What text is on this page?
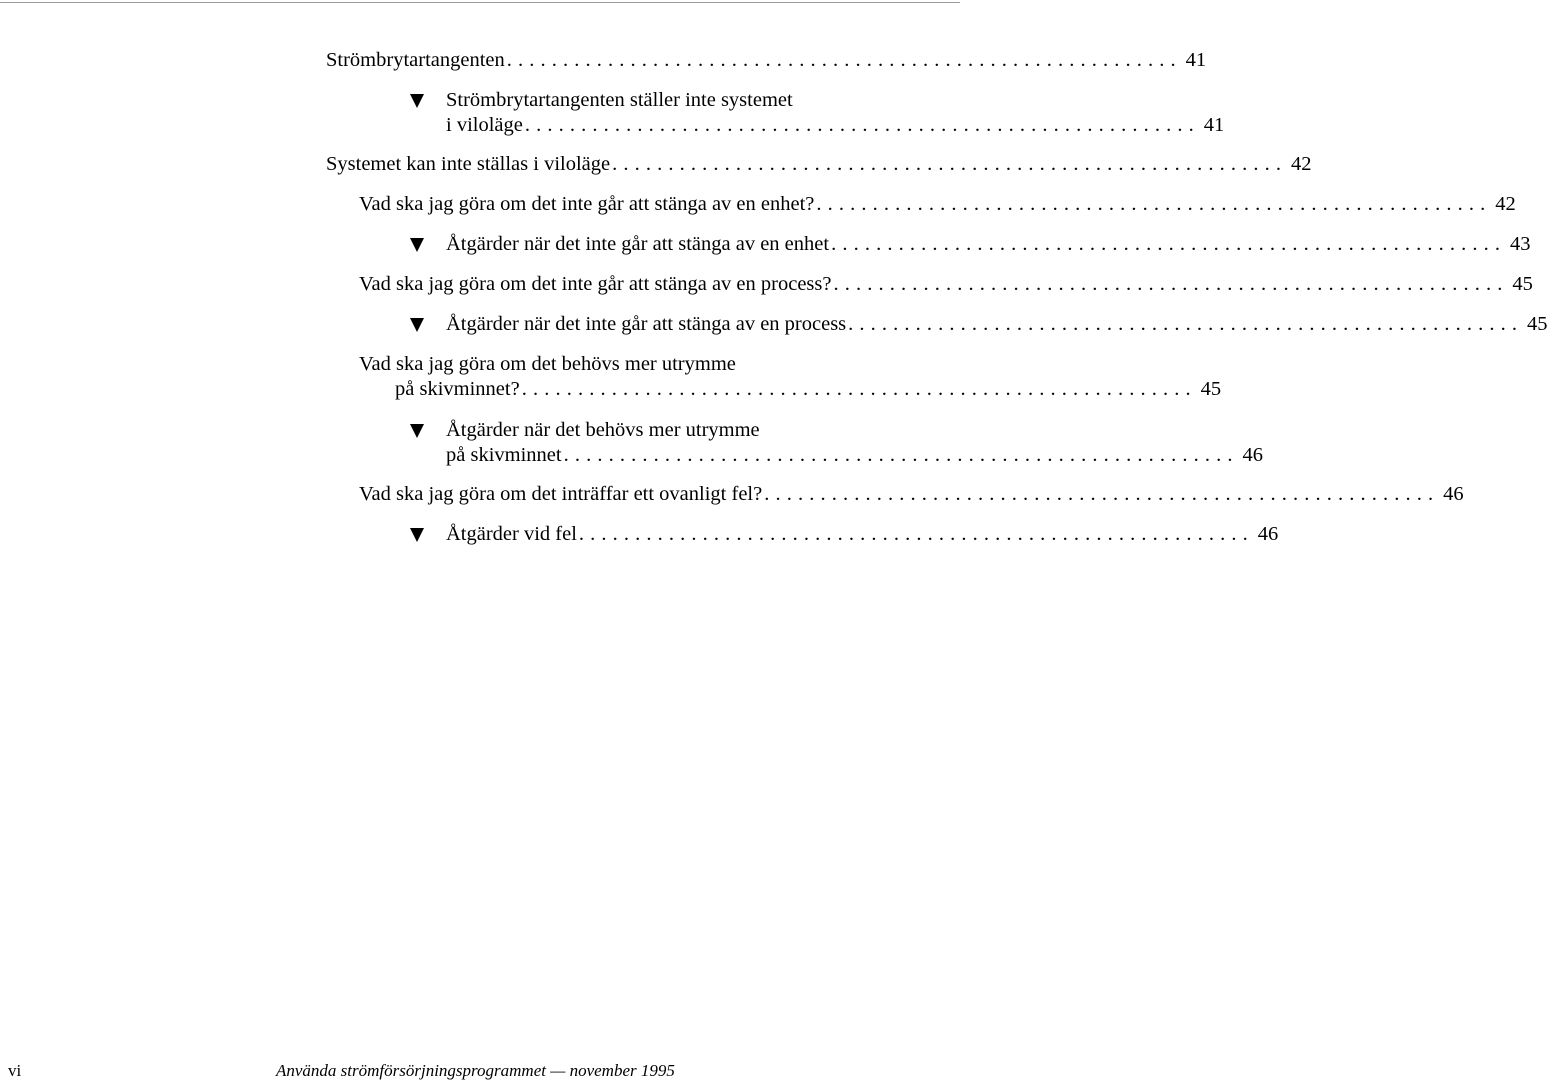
Strömbrytartangenten . . . . . . . . . . . . . . . . . . . . . . . . . . . . . . . . . . . . . . . . . . . . . . . . . . . . . . . . . . . . 41
Strömbrytartangenten ställer inte systemet
i viloläge . . . . . . . . . . . . . . . . . . . . . . . . . . . . . . . . . . . . . . . . . . . . . . . . . . . . . . . . . . . . 41
Systemet kan inte ställas i viloläge . . . . . . . . . . . . . . . . . . . . . . . . . . . . . . . . . . . . . . . . . . . . . . . . . . . . . . . . . . . . 42
Vad ska jag göra om det inte går att stänga av en enhet? . . . . . . . . . . . . . . . . . . . . . . . . . . . . . . . . . . . . . . . . . . . . . . . . . . . . . . . . . . . . 42
Åtgärder när det inte går att stänga av en enhet . . . . . . . . . . . . . . . . . . . . . . . . . . . . . . . . . . . . . . . . . . . . . . . . . . . . . . . . . . . . 43
Vad ska jag göra om det inte går att stänga av en process? . . . . . . . . . . . . . . . . . . . . . . . . . . . . . . . . . . . . . . . . . . . . . . . . . . . . . . . . . . . . 45
Åtgärder när det inte går att stänga av en process . . . . . . . . . . . . . . . . . . . . . . . . . . . . . . . . . . . . . . . . . . . . . . . . . . . . . . . . . . . . 45
Vad ska jag göra om det behövs mer utrymme
på skivminnet? . . . . . . . . . . . . . . . . . . . . . . . . . . . . . . . . . . . . . . . . . . . . . . . . . . . . . . . . . . . . 45
Åtgärder när det behövs mer utrymme
på skivminnet . . . . . . . . . . . . . . . . . . . . . . . . . . . . . . . . . . . . . . . . . . . . . . . . . . . . . . . . . . . . 46
Vad ska jag göra om det inträffar ett ovanligt fel? . . . . . . . . . . . . . . . . . . . . . . . . . . . . . . . . . . . . . . . . . . . . . . . . . . . . . . . . . . . . 46
Åtgärder vid fel . . . . . . . . . . . . . . . . . . . . . . . . . . . . . . . . . . . . . . . . . . . . . . . . . . . . . . . . . . . . 46
vi	Använda strömförsörjningsprogrammet — november 1995
